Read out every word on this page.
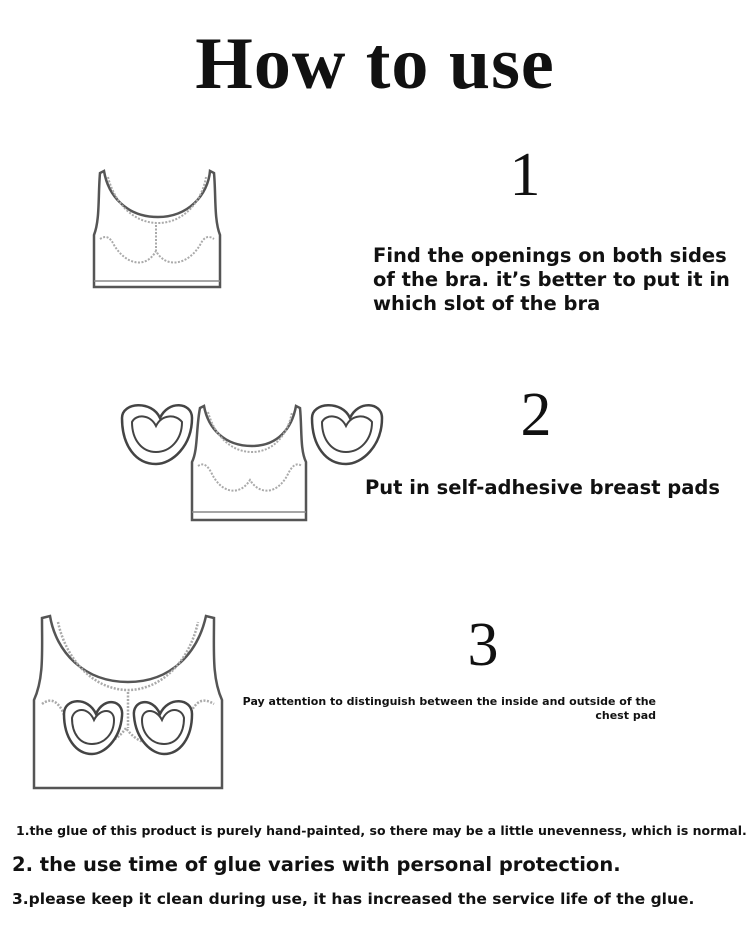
How to use
1
Find the openings on both sides of the bra. it’s better to put it in which slot of the bra
2
Put in self-adhesive breast pads
3
Pay attention to distinguish between the inside and outside of the chest pad
1.the glue of this product is purely hand-painted, so there may be a little unevenness, which is normal.
2. the use time of glue varies with personal protection.
3.please keep it clean during use, it has increased the service life of the glue.
